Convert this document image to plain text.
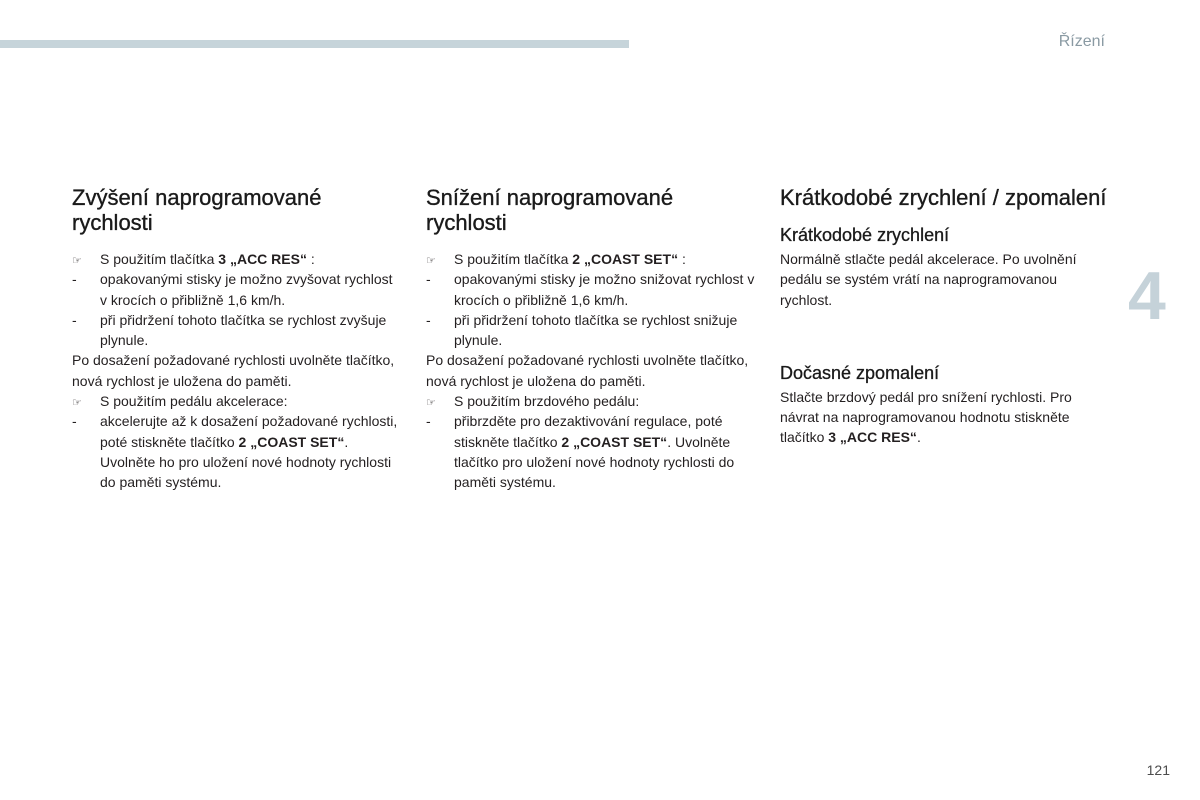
Řízení
4
121
Zvýšení naprogramované rychlosti
☞	S použitím tlačítka 3 „ACC RES“ :
-	opakovanými stisky je možno zvyšovat rychlost v krocích o přibližně 1,6 km/h.
-	při přidržení tohoto tlačítka se rychlost zvyšuje plynule.

Po dosažení požadované rychlosti uvolněte tlačítko, nová rychlost je uložena do paměti.

☞	S použitím pedálu akcelerace:
-	akcelerujte až k dosažení požadované rychlosti, poté stiskněte tlačítko 2 „COAST SET“. Uvolněte ho pro uložení nové hodnoty rychlosti do paměti systému.
Snížení naprogramované rychlosti
☞	S použitím tlačítka 2 „COAST SET“ :
-	opakovanými stisky je možno snižovat rychlost v krocích o přibližně 1,6 km/h.
-	při přidržení tohoto tlačítka se rychlost snižuje plynule.

Po dosažení požadované rychlosti uvolněte tlačítko, nová rychlost je uložena do paměti.

☞	S použitím brzdového pedálu:
-	přibrzděte pro dezaktivování regulace, poté stiskněte tlačítko 2 „COAST SET“. Uvolněte tlačítko pro uložení nové hodnoty rychlosti do paměti systému.
Krátkodobé zrychlení / zpomalení
Krátkodobé zrychlení

Normálně stlačte pedál akcelerace. Po uvolnění pedálu se systém vrátí na naprogramovanou rychlost.

Dočasné zpomalení

Stlačte brzdový pedál pro snížení rychlosti. Pro návrat na naprogramovanou hodnotu stiskněte tlačítko 3 „ACC RES“.
